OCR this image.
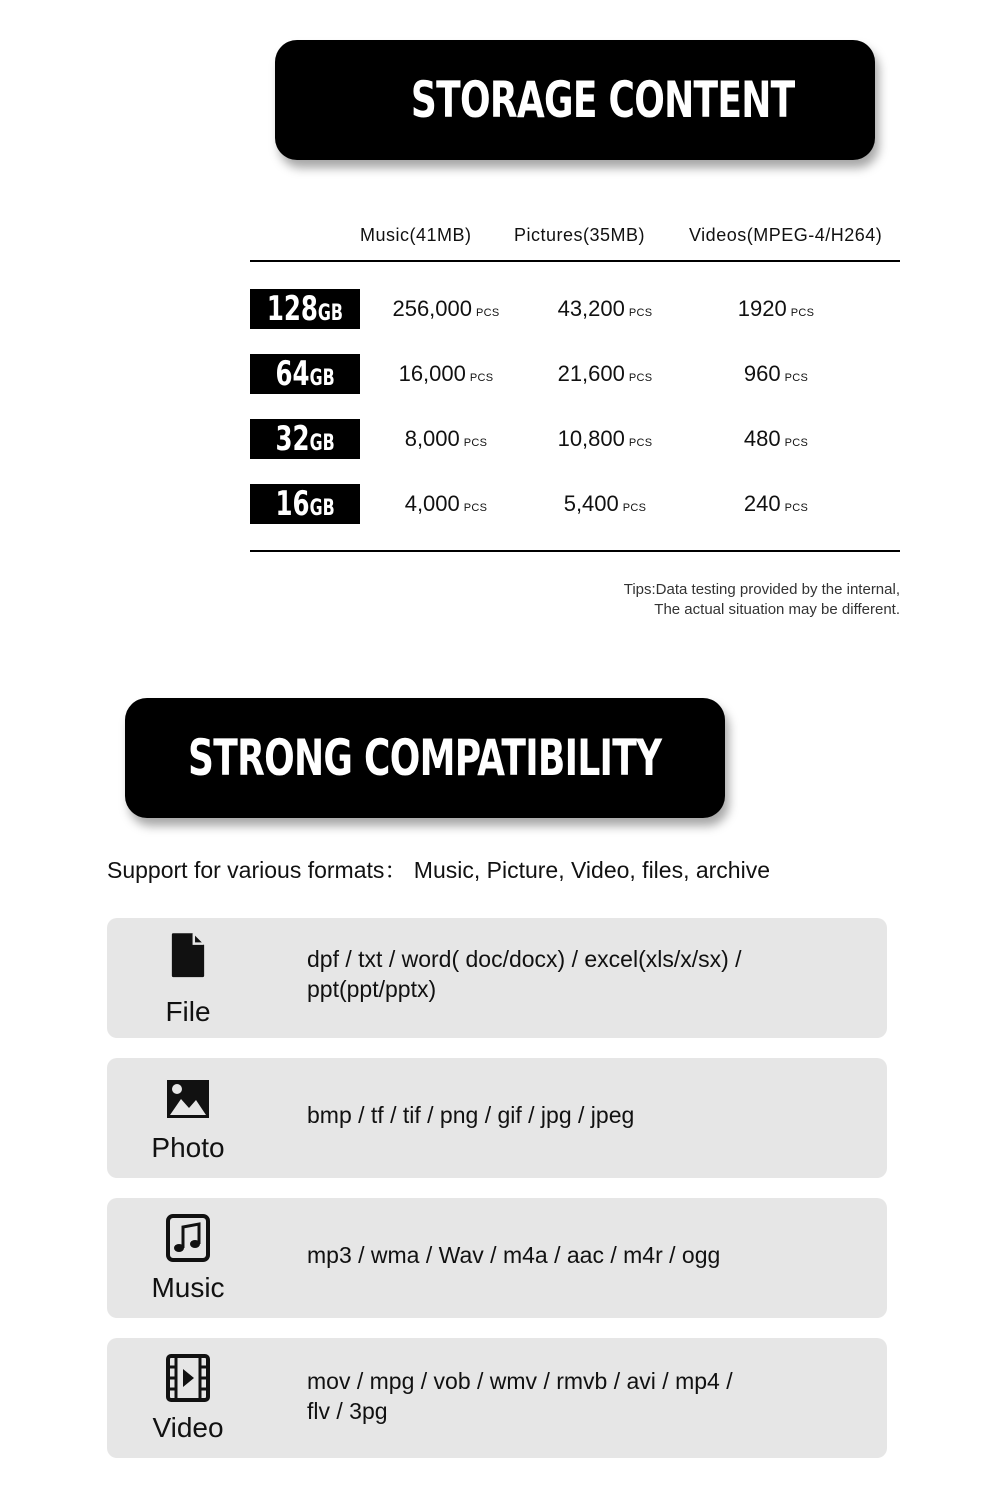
STORAGE CONTENT
Music(41MB) Pictures(35MB) Videos(MPEG-4/H264)
128 GB	256,000 PCS	43,200 PCS	1920 PCS
64 GB	16,000 PCS	21,600 PCS	960 PCS
32 GB	8,000 PCS	10,800 PCS	480 PCS
16 GB	4,000 PCS	5,400 PCS	240 PCS
Tips:Data testing provided by the internal,
The actual situation may be different.
STRONG COMPATIBILITY
Support for various formats： Music, Picture, Video, files, archive
File
dpf / txt / word( doc/docx) / excel(xls/x/sx) /
ppt(ppt/pptx)
Photo
bmp / tf / tif / png / gif / jpg / jpeg
Music
mp3 / wma / Wav / m4a / aac / m4r / ogg
Video
mov / mpg / vob / wmv / rmvb / avi / mp4 /
flv / 3pg
